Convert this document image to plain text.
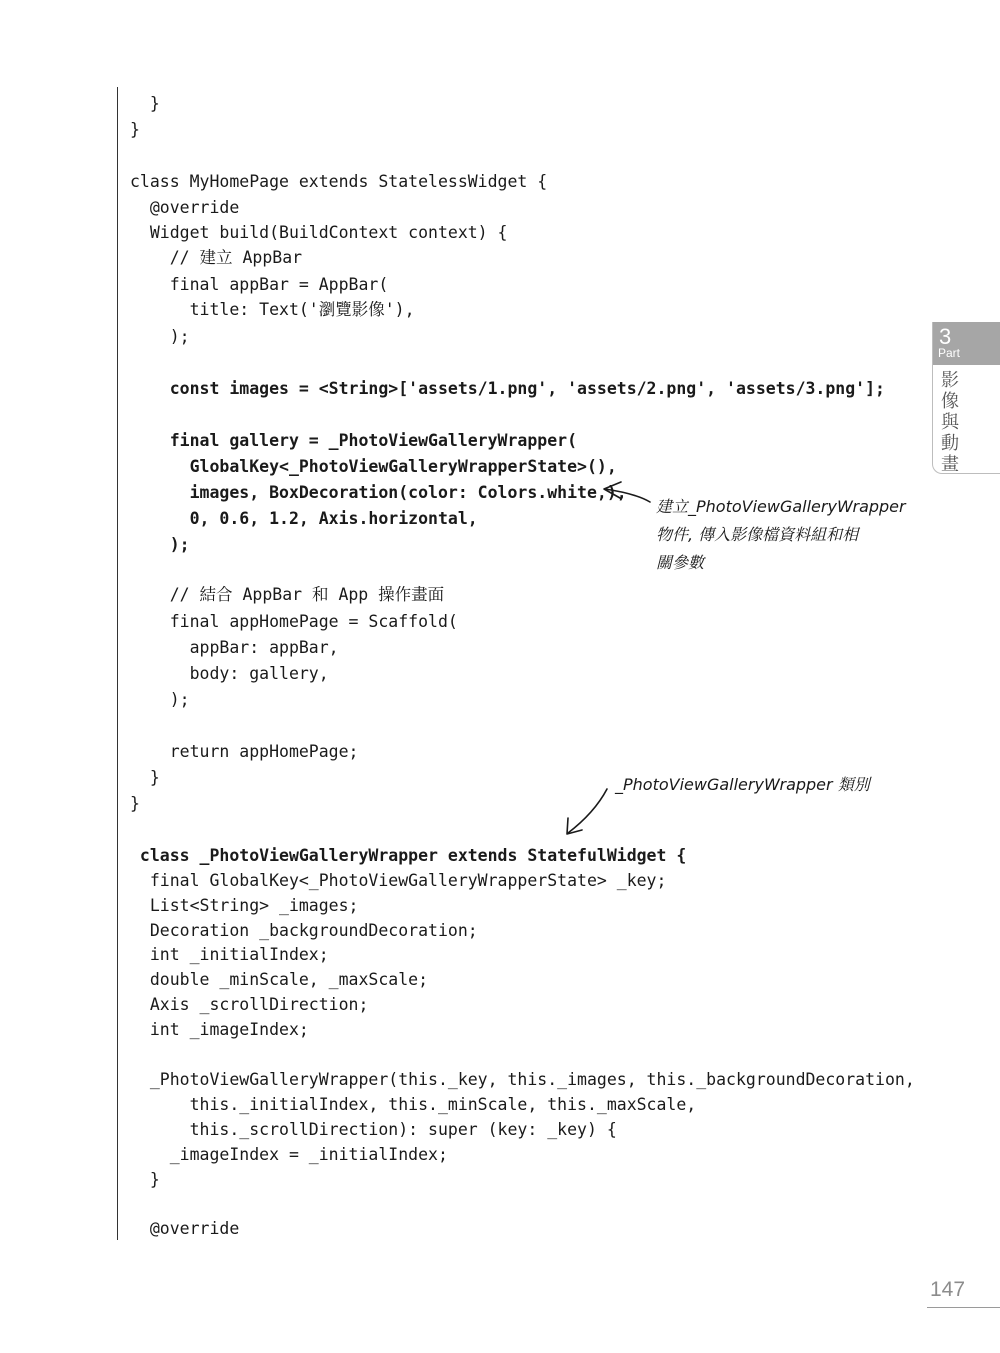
}
}
class MyHomePage extends StatelessWidget {
@override
Widget build(BuildContext context) {
// 建立 AppBar
final appBar = AppBar(
title: Text('瀏覽影像'),
);
const images = <String>['assets/1.png', 'assets/2.png', 'assets/3.png'];
final gallery = _PhotoViewGalleryWrapper(
GlobalKey<_PhotoViewGalleryWrapperState>(),
images, BoxDecoration(color: Colors.white,),
0, 0.6, 1.2, Axis.horizontal,
);
// 結合 AppBar 和 App 操作畫面
final appHomePage = Scaffold(
appBar: appBar,
body: gallery,
);
return appHomePage;
}
}
class _PhotoViewGalleryWrapper extends StatefulWidget {
final GlobalKey<_PhotoViewGalleryWrapperState> _key;
List<String> _images;
Decoration _backgroundDecoration;
int _initialIndex;
double _minScale, _maxScale;
Axis _scrollDirection;
int _imageIndex;
_PhotoViewGalleryWrapper(this._key, this._images, this._backgroundDecoration,
this._initialIndex, this._minScale, this._maxScale,
this._scrollDirection): super (key: _key) {
_imageIndex = _initialIndex;
}
@override
建立_PhotoViewGalleryWrapper
物件, 傳入影像檔資料組和相
關參數
_PhotoViewGalleryWrapper 類別
3
Part
影像與動畫
147
